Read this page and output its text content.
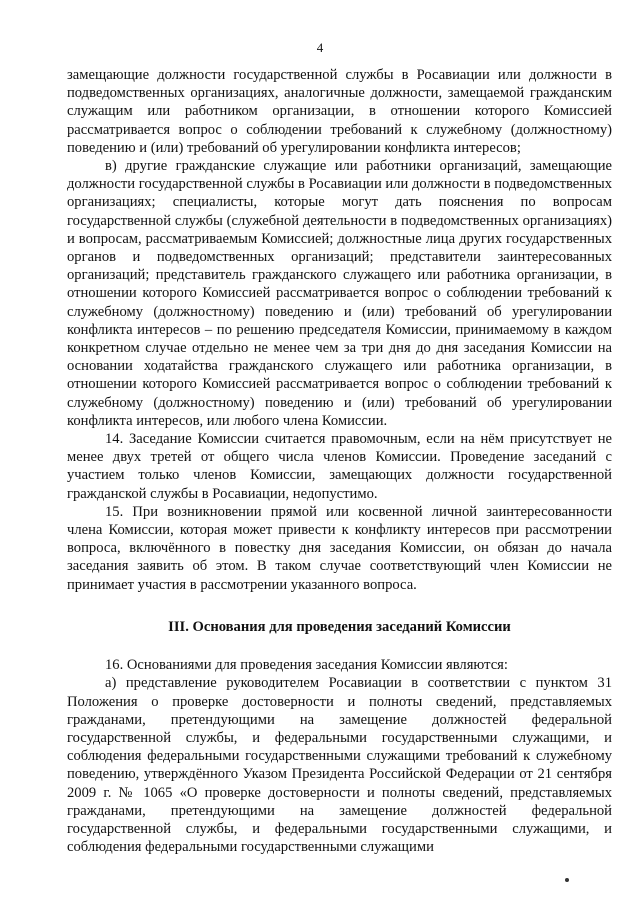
4

замещающие должности государственной службы в Росавиации или должности в подведомственных организациях, аналогичные должности, замещаемой гражданским служащим или работником организации, в отношении которого Комиссией рассматривается вопрос о соблюдении требований к служебному (должностному) поведению и (или) требований об урегулировании конфликта интересов;

в) другие гражданские служащие или работники организаций, замещающие должности государственной службы в Росавиации или должности в подведомственных организациях; специалисты, которые могут дать пояснения по вопросам государственной службы (служебной деятельности в подведомственных организациях) и вопросам, рассматриваемым Комиссией; должностные лица других государственных органов и подведомственных организаций; представители заинтересованных организаций; представитель гражданского служащего или работника организации, в отношении которого Комиссией рассматривается вопрос о соблюдении требований к служебному (должностному) поведению и (или) требований об урегулировании конфликта интересов – по решению председателя Комиссии, принимаемому в каждом конкретном случае отдельно не менее чем за три дня до дня заседания Комиссии на основании ходатайства гражданского служащего или работника организации, в отношении которого Комиссией рассматривается вопрос о соблюдении требований к служебному (должностному) поведению и (или) требований об урегулировании конфликта интересов, или любого члена Комиссии.

14. Заседание Комиссии считается правомочным, если на нём присутствует не менее двух третей от общего числа членов Комиссии. Проведение заседаний с участием только членов Комиссии, замещающих должности государственной гражданской службы в Росавиации, недопустимо.

15. При возникновении прямой или косвенной личной заинтересованности члена Комиссии, которая может привести к конфликту интересов при рассмотрении вопроса, включённого в повестку дня заседания Комиссии, он обязан до начала заседания заявить об этом. В таком случае соответствующий член Комиссии не принимает участия в рассмотрении указанного вопроса.

III. Основания для проведения заседаний Комиссии

16. Основаниями для проведения заседания Комиссии являются:

а) представление руководителем Росавиации в соответствии с пунктом 31 Положения о проверке достоверности и полноты сведений, представляемых гражданами, претендующими на замещение должностей федеральной государственной службы, и федеральными государственными служащими, и соблюдения федеральными государственными служащими требований к служебному поведению, утверждённого Указом Президента Российской Федерации от 21 сентября 2009 г. № 1065 «О проверке достоверности и полноты сведений, представляемых гражданами, претендующими на замещение должностей федеральной государственной службы, и федеральными государственными служащими, и соблюдения федеральными государственными служащими
